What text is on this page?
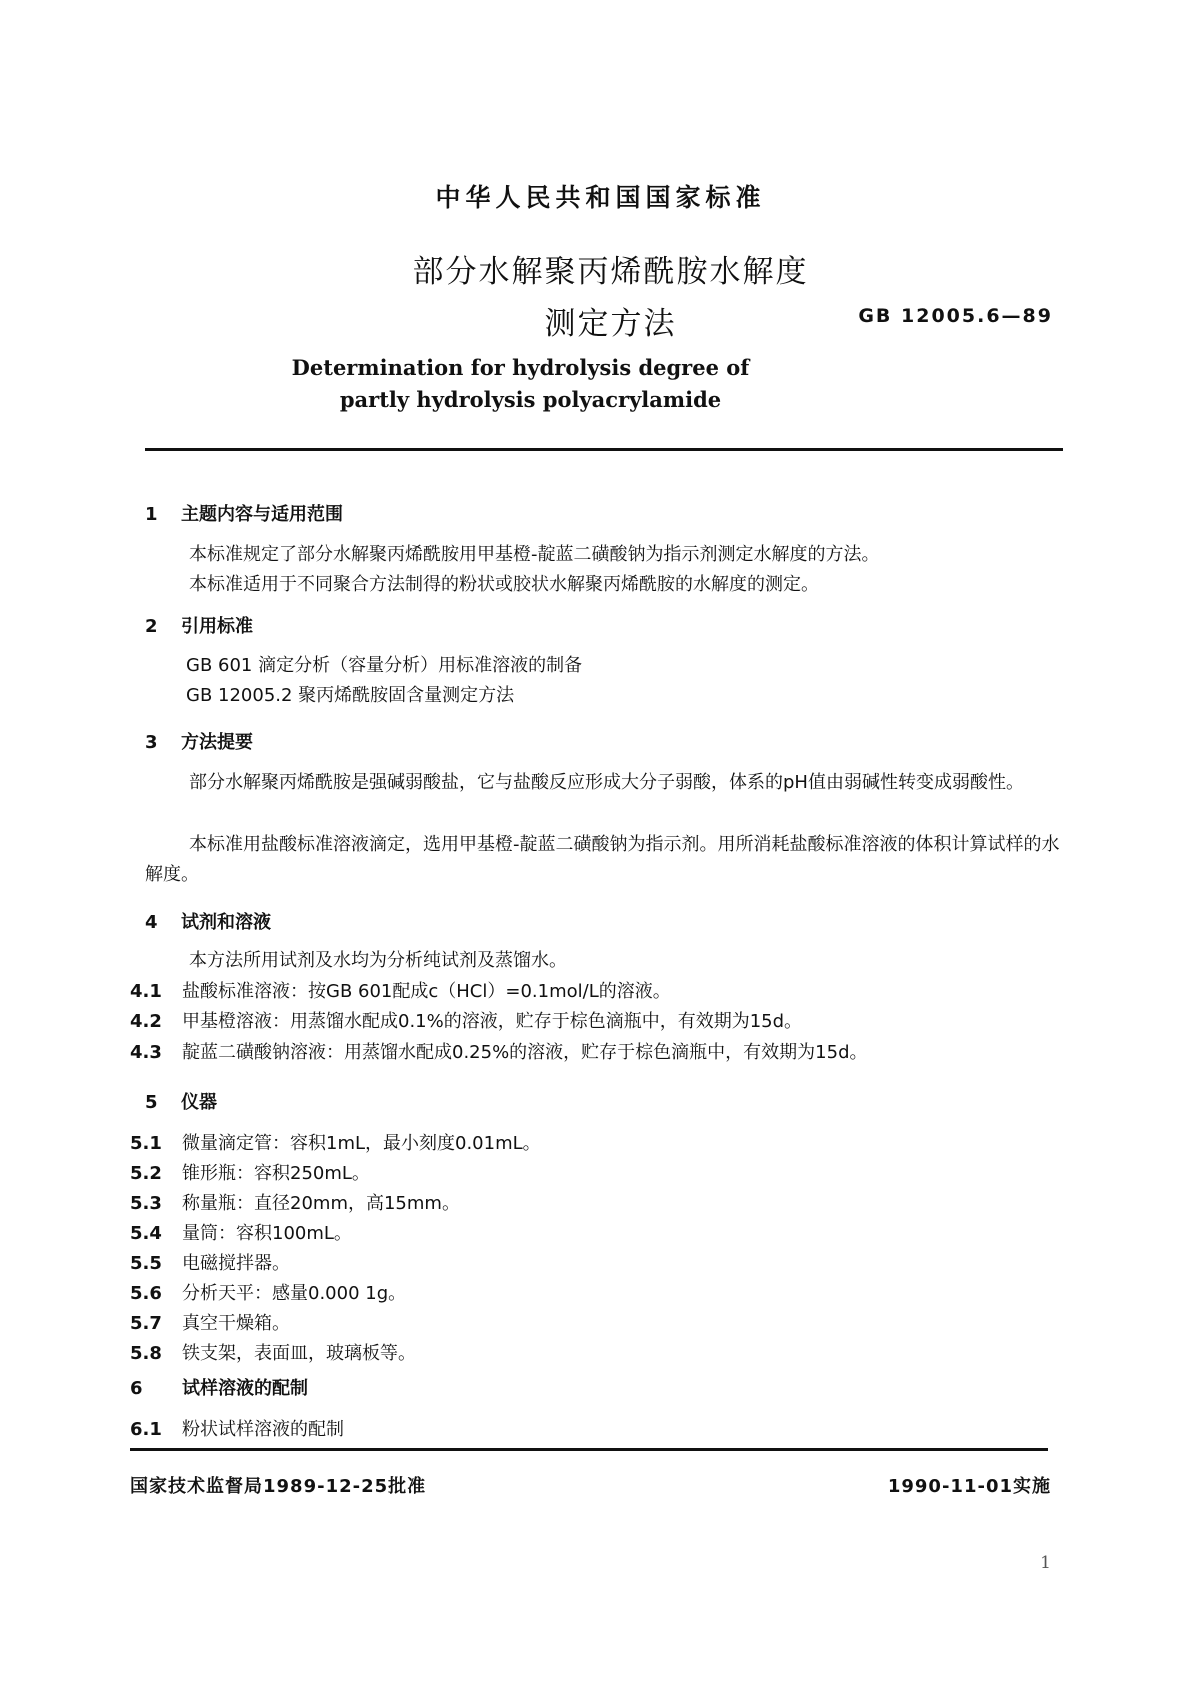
中华人民共和国国家标准
部分水解聚丙烯酰胺水解度
测定方法	GB 12005.6—89
Determination for hydrolysis degree of
partly hydrolysis polyacrylamide
1 主题内容与适用范围
本标准规定了部分水解聚丙烯酰胺用甲基橙-靛蓝二磺酸钠为指示剂测定水解度的方法。
本标准适用于不同聚合方法制得的粉状或胶状水解聚丙烯酰胺的水解度的测定。
2 引用标准
GB 601 滴定分析（容量分析）用标准溶液的制备
GB 12005.2 聚丙烯酰胺固含量测定方法
3 方法提要
部分水解聚丙烯酰胺是强碱弱酸盐，它与盐酸反应形成大分子弱酸，体系的pH值由弱碱性转变成弱酸性。
本标准用盐酸标准溶液滴定，选用甲基橙-靛蓝二磺酸钠为指示剂。用所消耗盐酸标准溶液的体积计算试样的水解度。
4 试剂和溶液
本方法所用试剂及水均为分析纯试剂及蒸馏水。
4.1 盐酸标准溶液：按GB 601配成c（HCl）=0.1mol/L的溶液。
4.2 甲基橙溶液：用蒸馏水配成0.1%的溶液，贮存于棕色滴瓶中，有效期为15d。
4.3 靛蓝二磺酸钠溶液：用蒸馏水配成0.25%的溶液，贮存于棕色滴瓶中，有效期为15d。
5 仪器
5.1 微量滴定管：容积1mL，最小刻度0.01mL。
5.2 锥形瓶：容积250mL。
5.3 称量瓶：直径20mm，高15mm。
5.4 量筒：容积100mL。
5.5 电磁搅拌器。
5.6 分析天平：感量0.000 1g。
5.7 真空干燥箱。
5.8 铁支架，表面皿，玻璃板等。
6 试样溶液的配制
6.1 粉状试样溶液的配制
国家技术监督局1989-12-25批准	1990-11-01实施
1
